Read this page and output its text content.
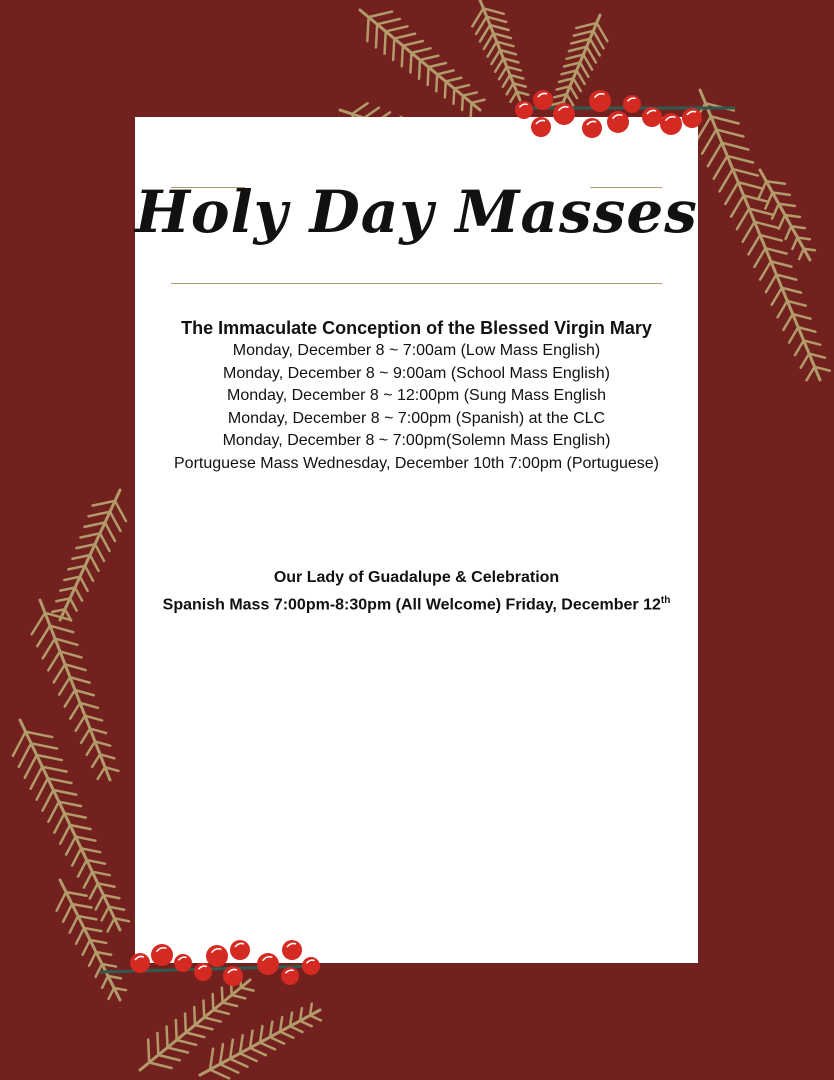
Holy Day Masses
The Immaculate Conception of the Blessed Virgin Mary
Monday, December 8 ~ 7:00am (Low Mass English)
Monday, December 8 ~ 9:00am (School Mass English)
Monday, December 8 ~ 12:00pm (Sung Mass English
Monday, December 8 ~ 7:00pm (Spanish) at the CLC
Monday, December 8 ~ 7:00pm(Solemn Mass English)
Portuguese Mass Wednesday, December 10th 7:00pm (Portuguese)
Our Lady of Guadalupe & Celebration
Spanish Mass 7:00pm-8:30pm (All Welcome) Friday, December 12th
